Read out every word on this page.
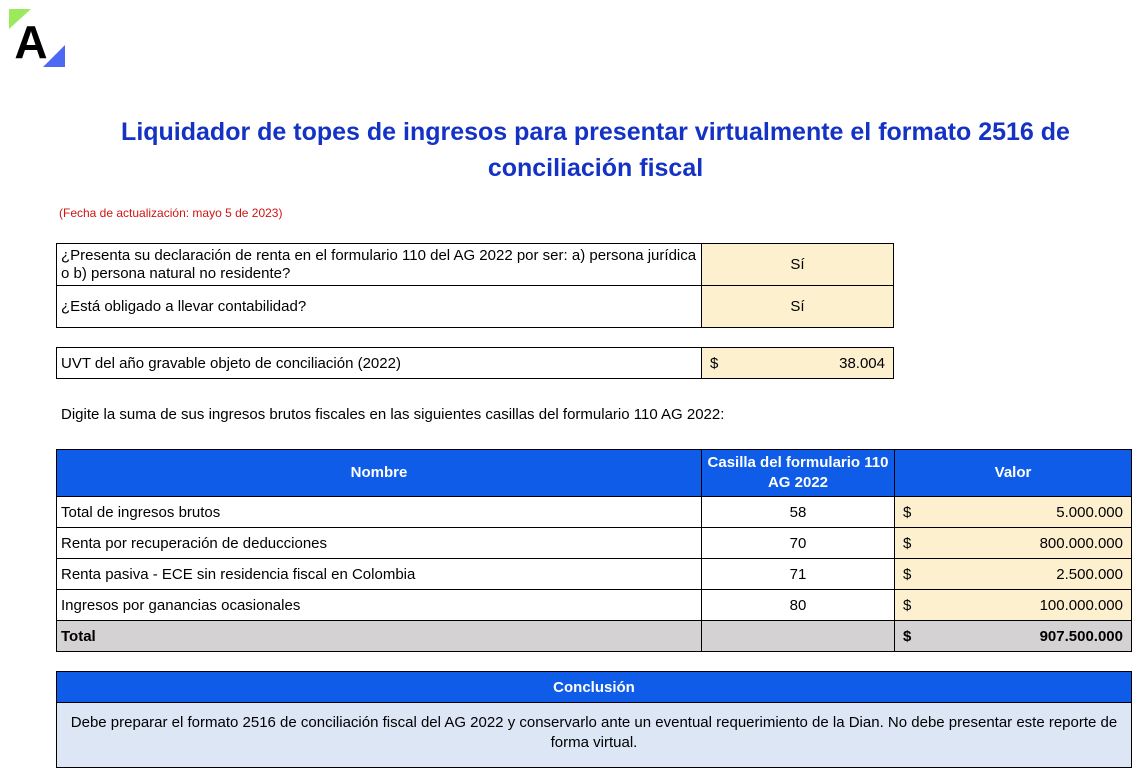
A
Liquidador de topes de ingresos para presentar virtualmente el formato 2516 de conciliación fiscal
(Fecha de actualización: mayo 5 de 2023)
¿Presenta su declaración de renta en el formulario 110 del AG 2022 por ser: a) persona jurídica o b) persona natural no residente?	Sí
¿Está obligado a llevar contabilidad?	Sí
UVT del año gravable objeto de conciliación (2022)	$	38.004
Digite la suma de sus ingresos brutos fiscales en las siguientes casillas del formulario 110 AG 2022:
Nombre	Casilla del formulario 110 AG 2022	Valor
Total de ingresos brutos	58	$ 5.000.000

Renta por recuperación de deducciones	70	$ 800.000.000

Renta pasiva - ECE sin residencia fiscal en Colombia	71	$ 2.500.000

Ingresos por ganancias ocasionales	80	$ 100.000.000

Total		$ 907.500.000
Conclusión
Debe preparar el formato 2516 de conciliación fiscal del AG 2022 y conservarlo ante un eventual requerimiento de la Dian. No debe presentar este reporte de forma virtual.
